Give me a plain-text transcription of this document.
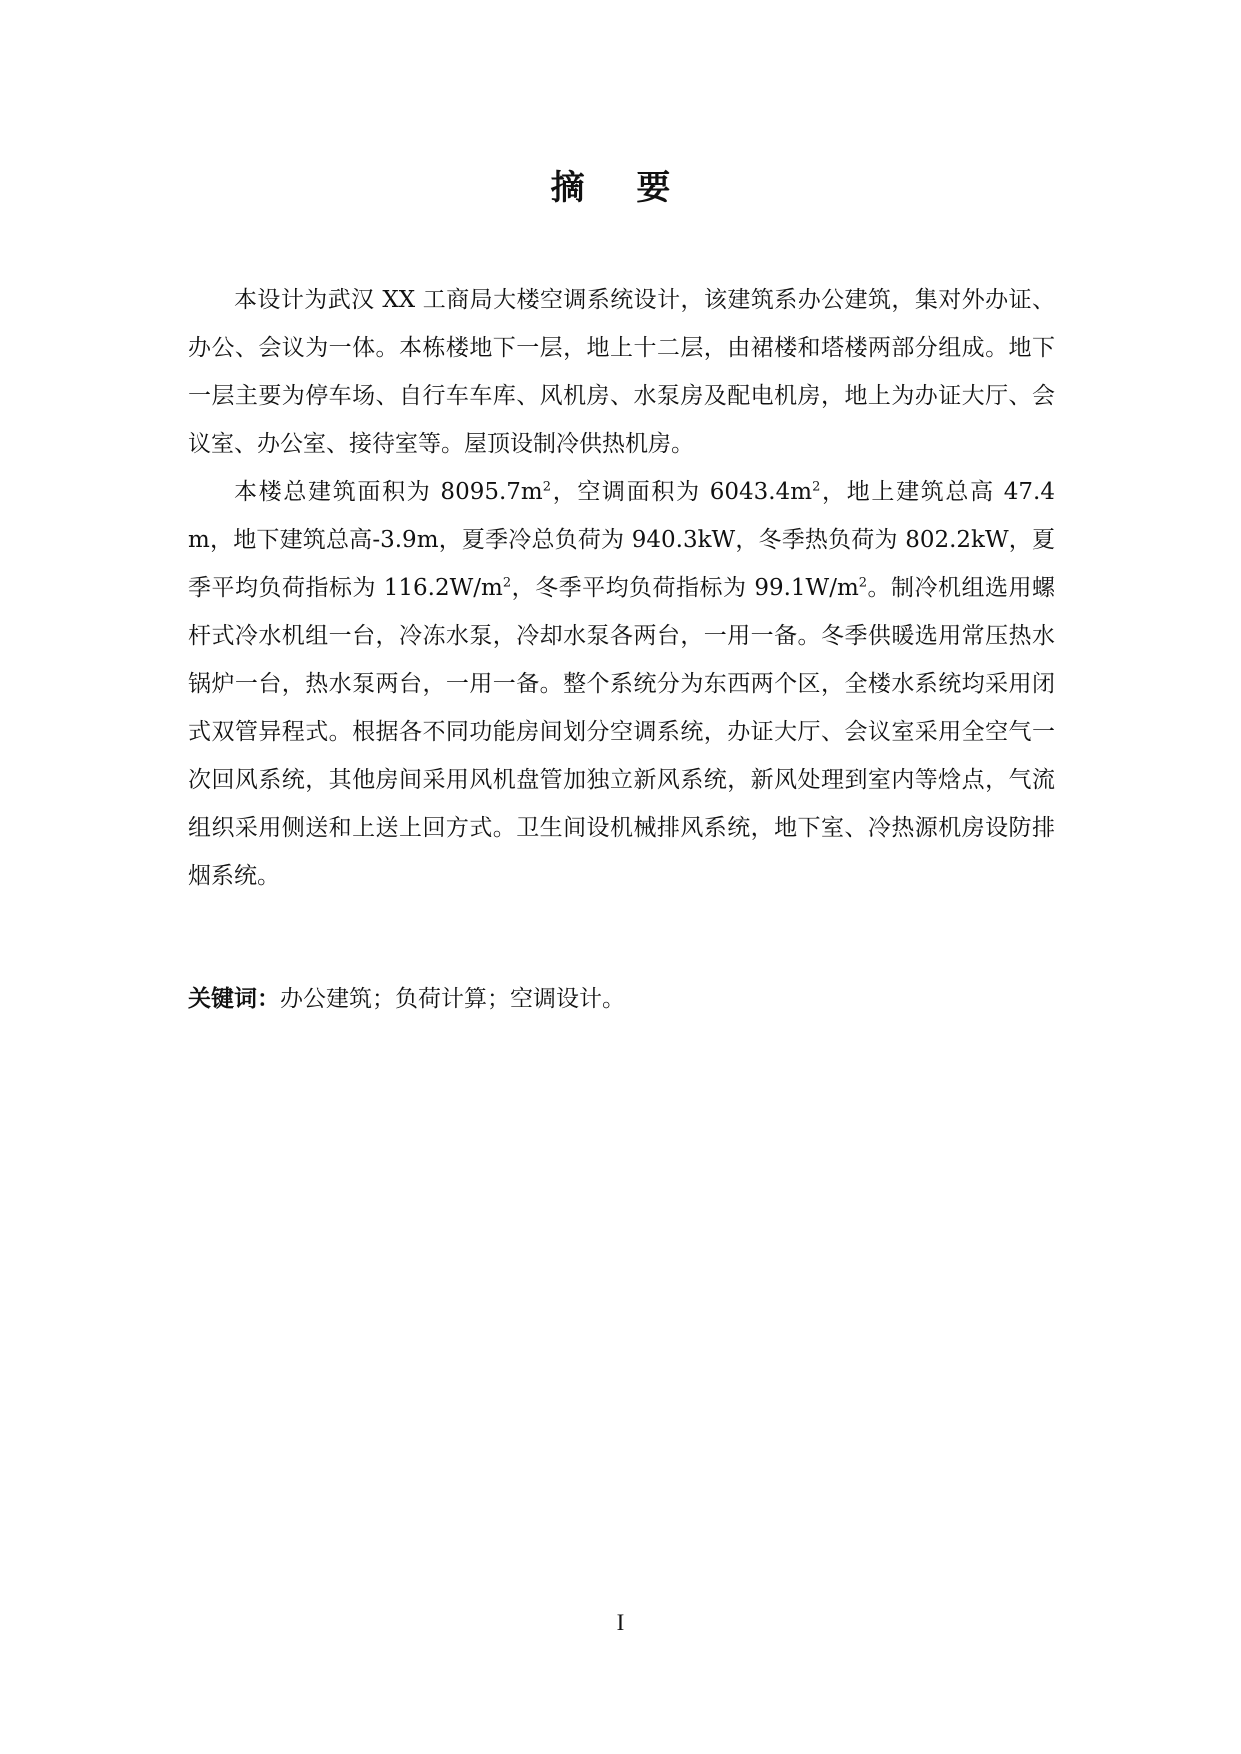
摘 要

本设计为武汉 XX 工商局大楼空调系统设计，该建筑系办公建筑，集对外办证、办公、会议为一体。本栋楼地下一层，地上十二层，由裙楼和塔楼两部分组成。地下一层主要为停车场、自行车车库、风机房、水泵房及配电机房，地上为办证大厅、会议室、办公室、接待室等。屋顶设制冷供热机房。

本楼总建筑面积为 $8095.7m^2$，空调面积为 $6043.4m^2$，地上建筑总高 47.4m，地下建筑总高-3.9m，夏季冷总负荷为 940.3kW，冬季热负荷为 802.2kW，夏季平均负荷指标为 $116.2W/m^2$，冬季平均负荷指标为 $99.1W/m^2$。制冷机组选用螺杆式冷水机组一台，冷冻水泵，冷却水泵各两台，一用一备。冬季供暖选用常压热水锅炉一台，热水泵两台，一用一备。整个系统分为东西两个区，全楼水系统均采用闭式双管异程式。根据各不同功能房间划分空调系统，办证大厅、会议室采用全空气一次回风系统，其他房间采用风机盘管加独立新风系统，新风处理到室内等焓点，气流组织采用侧送和上送上回方式。卫生间设机械排风系统，地下室、冷热源机房设防排烟系统。

关键词：办公建筑；负荷计算；空调设计。

I
